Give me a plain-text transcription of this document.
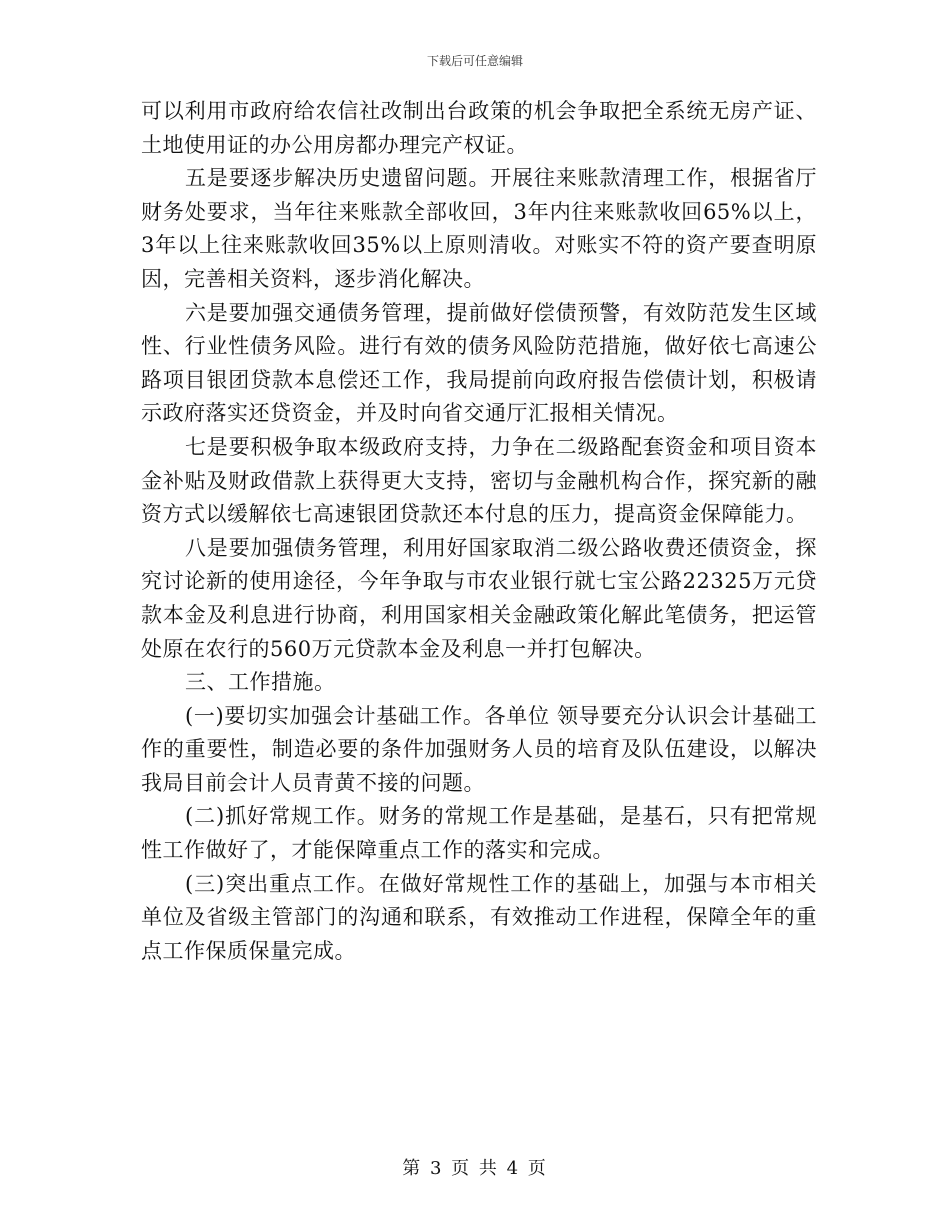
下载后可任意编辑

可以利用市政府给农信社改制出台政策的机会争取把全系统无房产证、土地使用证的办公用房都办理完产权证。

五是要逐步解决历史遗留问题。开展往来账款清理工作，根据省厅财务处要求，当年往来账款全部收回，3年内往来账款收回65%以上，3年以上往来账款收回35%以上原则清收。对账实不符的资产要查明原因，完善相关资料，逐步消化解决。

六是要加强交通债务管理，提前做好偿债预警，有效防范发生区域性、行业性债务风险。进行有效的债务风险防范措施，做好依七高速公路项目银团贷款本息偿还工作，我局提前向政府报告偿债计划，积极请示政府落实还贷资金，并及时向省交通厅汇报相关情况。

七是要积极争取本级政府支持，力争在二级路配套资金和项目资本金补贴及财政借款上获得更大支持，密切与金融机构合作，探究新的融资方式以缓解依七高速银团贷款还本付息的压力，提高资金保障能力。

八是要加强债务管理，利用好国家取消二级公路收费还债资金，探究讨论新的使用途径，今年争取与市农业银行就七宝公路22325万元贷款本金及利息进行协商，利用国家相关金融政策化解此笔债务，把运管处原在农行的560万元贷款本金及利息一并打包解决。

三、工作措施。

(一)要切实加强会计基础工作。各单位 领导要充分认识会计基础工作的重要性，制造必要的条件加强财务人员的培育及队伍建设，以解决我局目前会计人员青黄不接的问题。

(二)抓好常规工作。财务的常规工作是基础，是基石，只有把常规性工作做好了，才能保障重点工作的落实和完成。

(三)突出重点工作。在做好常规性工作的基础上，加强与本市相关单位及省级主管部门的沟通和联系，有效推动工作进程，保障全年的重点工作保质保量完成。

第 3 页 共 4 页
